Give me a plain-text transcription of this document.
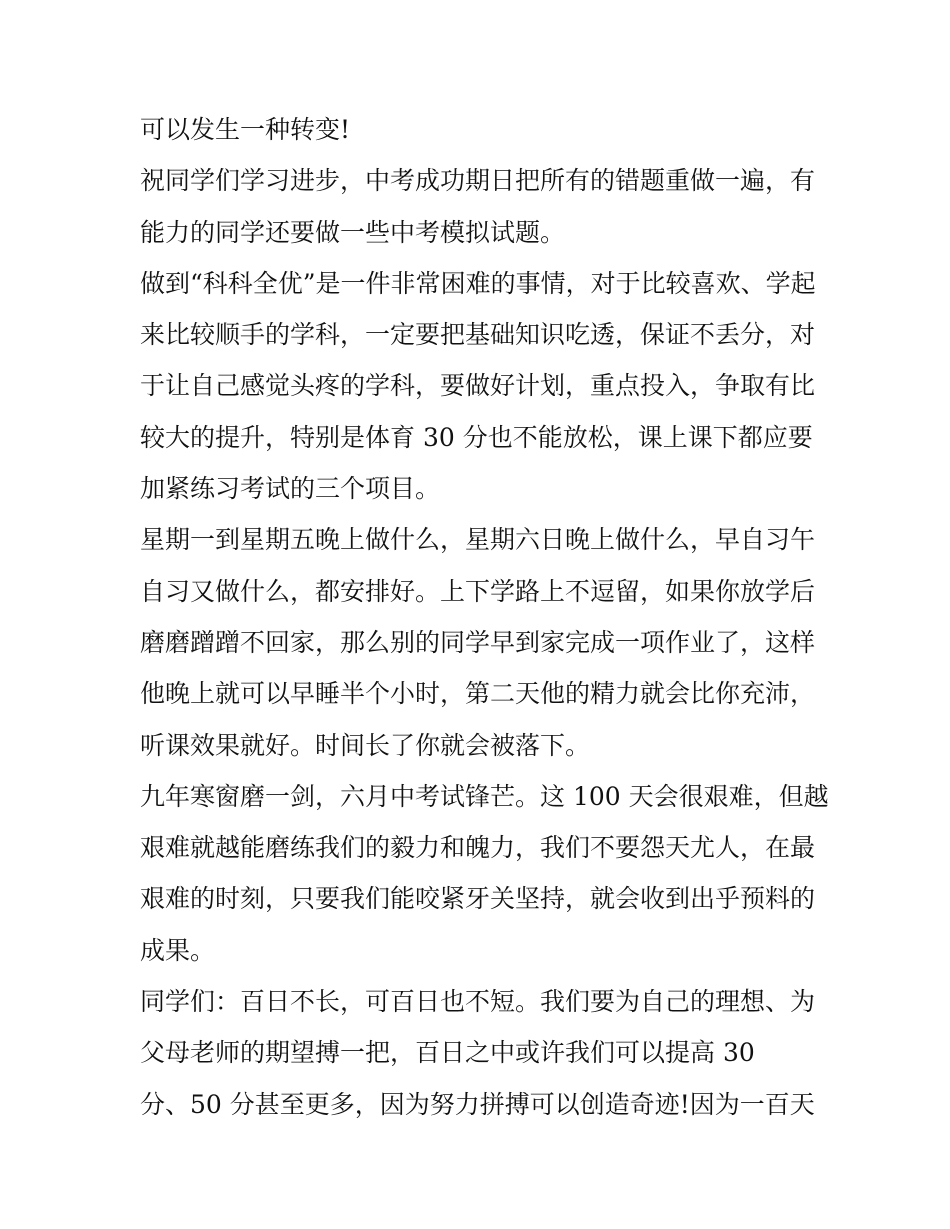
可以发生一种转变!
祝同学们学习进步，中考成功期日把所有的错题重做一遍，有
能力的同学还要做一些中考模拟试题。
做到“科科全优”是一件非常困难的事情，对于比较喜欢、学起
来比较顺手的学科，一定要把基础知识吃透，保证不丢分，对
于让自己感觉头疼的学科，要做好计划，重点投入，争取有比
较大的提升，特别是体育 30 分也不能放松，课上课下都应要
加紧练习考试的三个项目。
星期一到星期五晚上做什么，星期六日晚上做什么，早自习午
自习又做什么，都安排好。上下学路上不逗留，如果你放学后
磨磨蹭蹭不回家，那么别的同学早到家完成一项作业了，这样
他晚上就可以早睡半个小时，第二天他的精力就会比你充沛，
听课效果就好。时间长了你就会被落下。
九年寒窗磨一剑，六月中考试锋芒。这 100 天会很艰难，但越
艰难就越能磨练我们的毅力和魄力，我们不要怨天尤人，在最
艰难的时刻，只要我们能咬紧牙关坚持，就会收到出乎预料的
成果。
同学们：百日不长，可百日也不短。我们要为自己的理想、为
父母老师的期望搏一把，百日之中或许我们可以提高 30
分、50 分甚至更多，因为努力拼搏可以创造奇迹!因为一百天
